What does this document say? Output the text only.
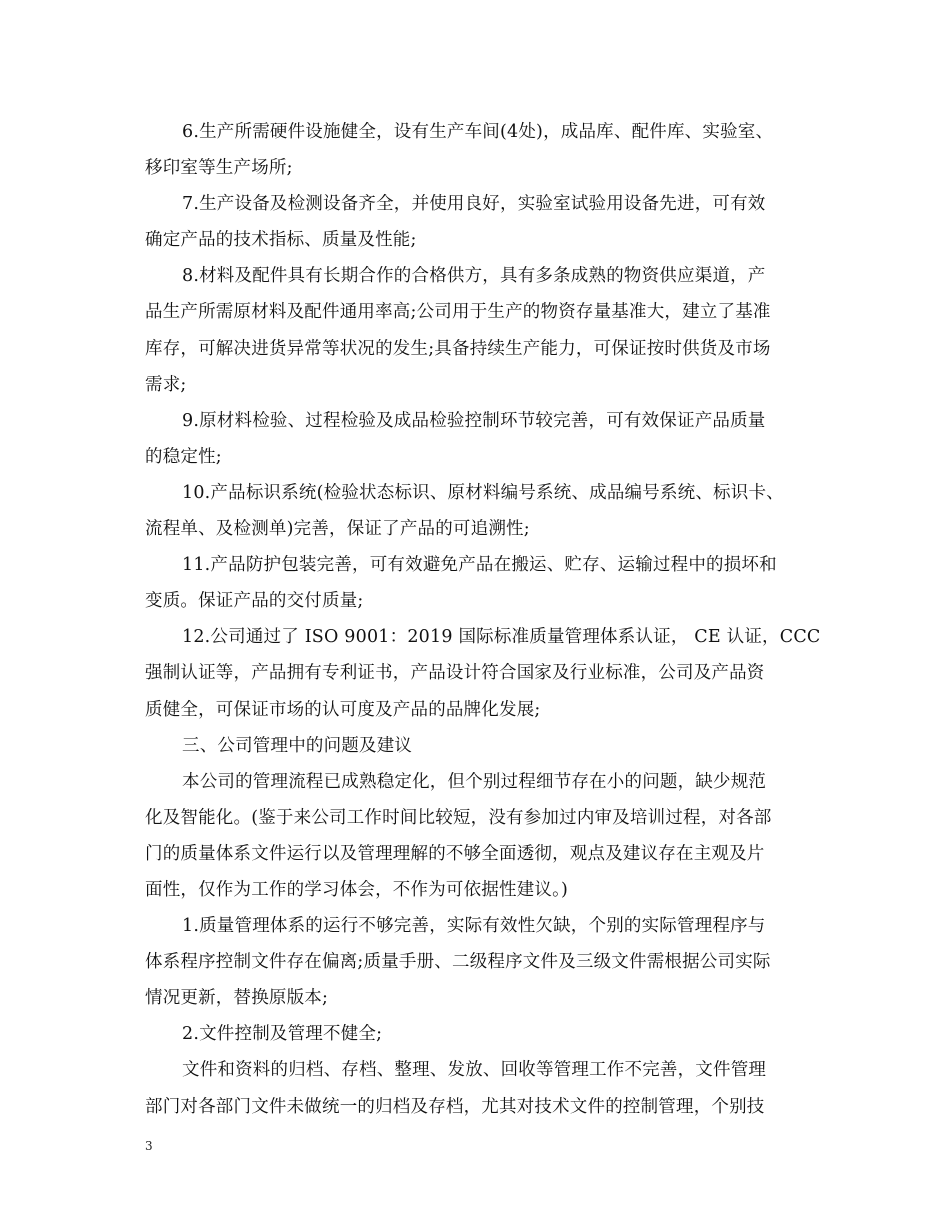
6.生产所需硬件设施健全，设有生产车间(4处)，成品库、配件库、实验室、
移印室等生产场所;
7.生产设备及检测设备齐全，并使用良好，实验室试验用设备先进，可有效
确定产品的技术指标、质量及性能;
8.材料及配件具有长期合作的合格供方，具有多条成熟的物资供应渠道，产
品生产所需原材料及配件通用率高;公司用于生产的物资存量基准大，建立了基准
库存，可解决进货异常等状况的发生;具备持续生产能力，可保证按时供货及市场
需求;
9.原材料检验、过程检验及成品检验控制环节较完善，可有效保证产品质量
的稳定性;
10.产品标识系统(检验状态标识、原材料编号系统、成品编号系统、标识卡、
流程单、及检测单)完善，保证了产品的可追溯性;
11.产品防护包装完善，可有效避免产品在搬运、贮存、运输过程中的损坏和
变质。保证产品的交付质量;
12.公司通过了 ISO 9001：2019 国际标准质量管理体系认证， CE 认证，CCC
强制认证等，产品拥有专利证书，产品设计符合国家及行业标准，公司及产品资
质健全，可保证市场的认可度及产品的品牌化发展;
三、公司管理中的问题及建议
本公司的管理流程已成熟稳定化，但个别过程细节存在小的问题，缺少规范
化及智能化。(鉴于来公司工作时间比较短，没有参加过内审及培训过程，对各部
门的质量体系文件运行以及管理理解的不够全面透彻，观点及建议存在主观及片
面性，仅作为工作的学习体会，不作为可依据性建议。)
1.质量管理体系的运行不够完善，实际有效性欠缺，个别的实际管理程序与
体系程序控制文件存在偏离;质量手册、二级程序文件及三级文件需根据公司实际
情况更新，替换原版本;
2.文件控制及管理不健全;
文件和资料的归档、存档、整理、发放、回收等管理工作不完善，文件管理
部门对各部门文件未做统一的归档及存档，尤其对技术文件的控制管理，个别技
3
